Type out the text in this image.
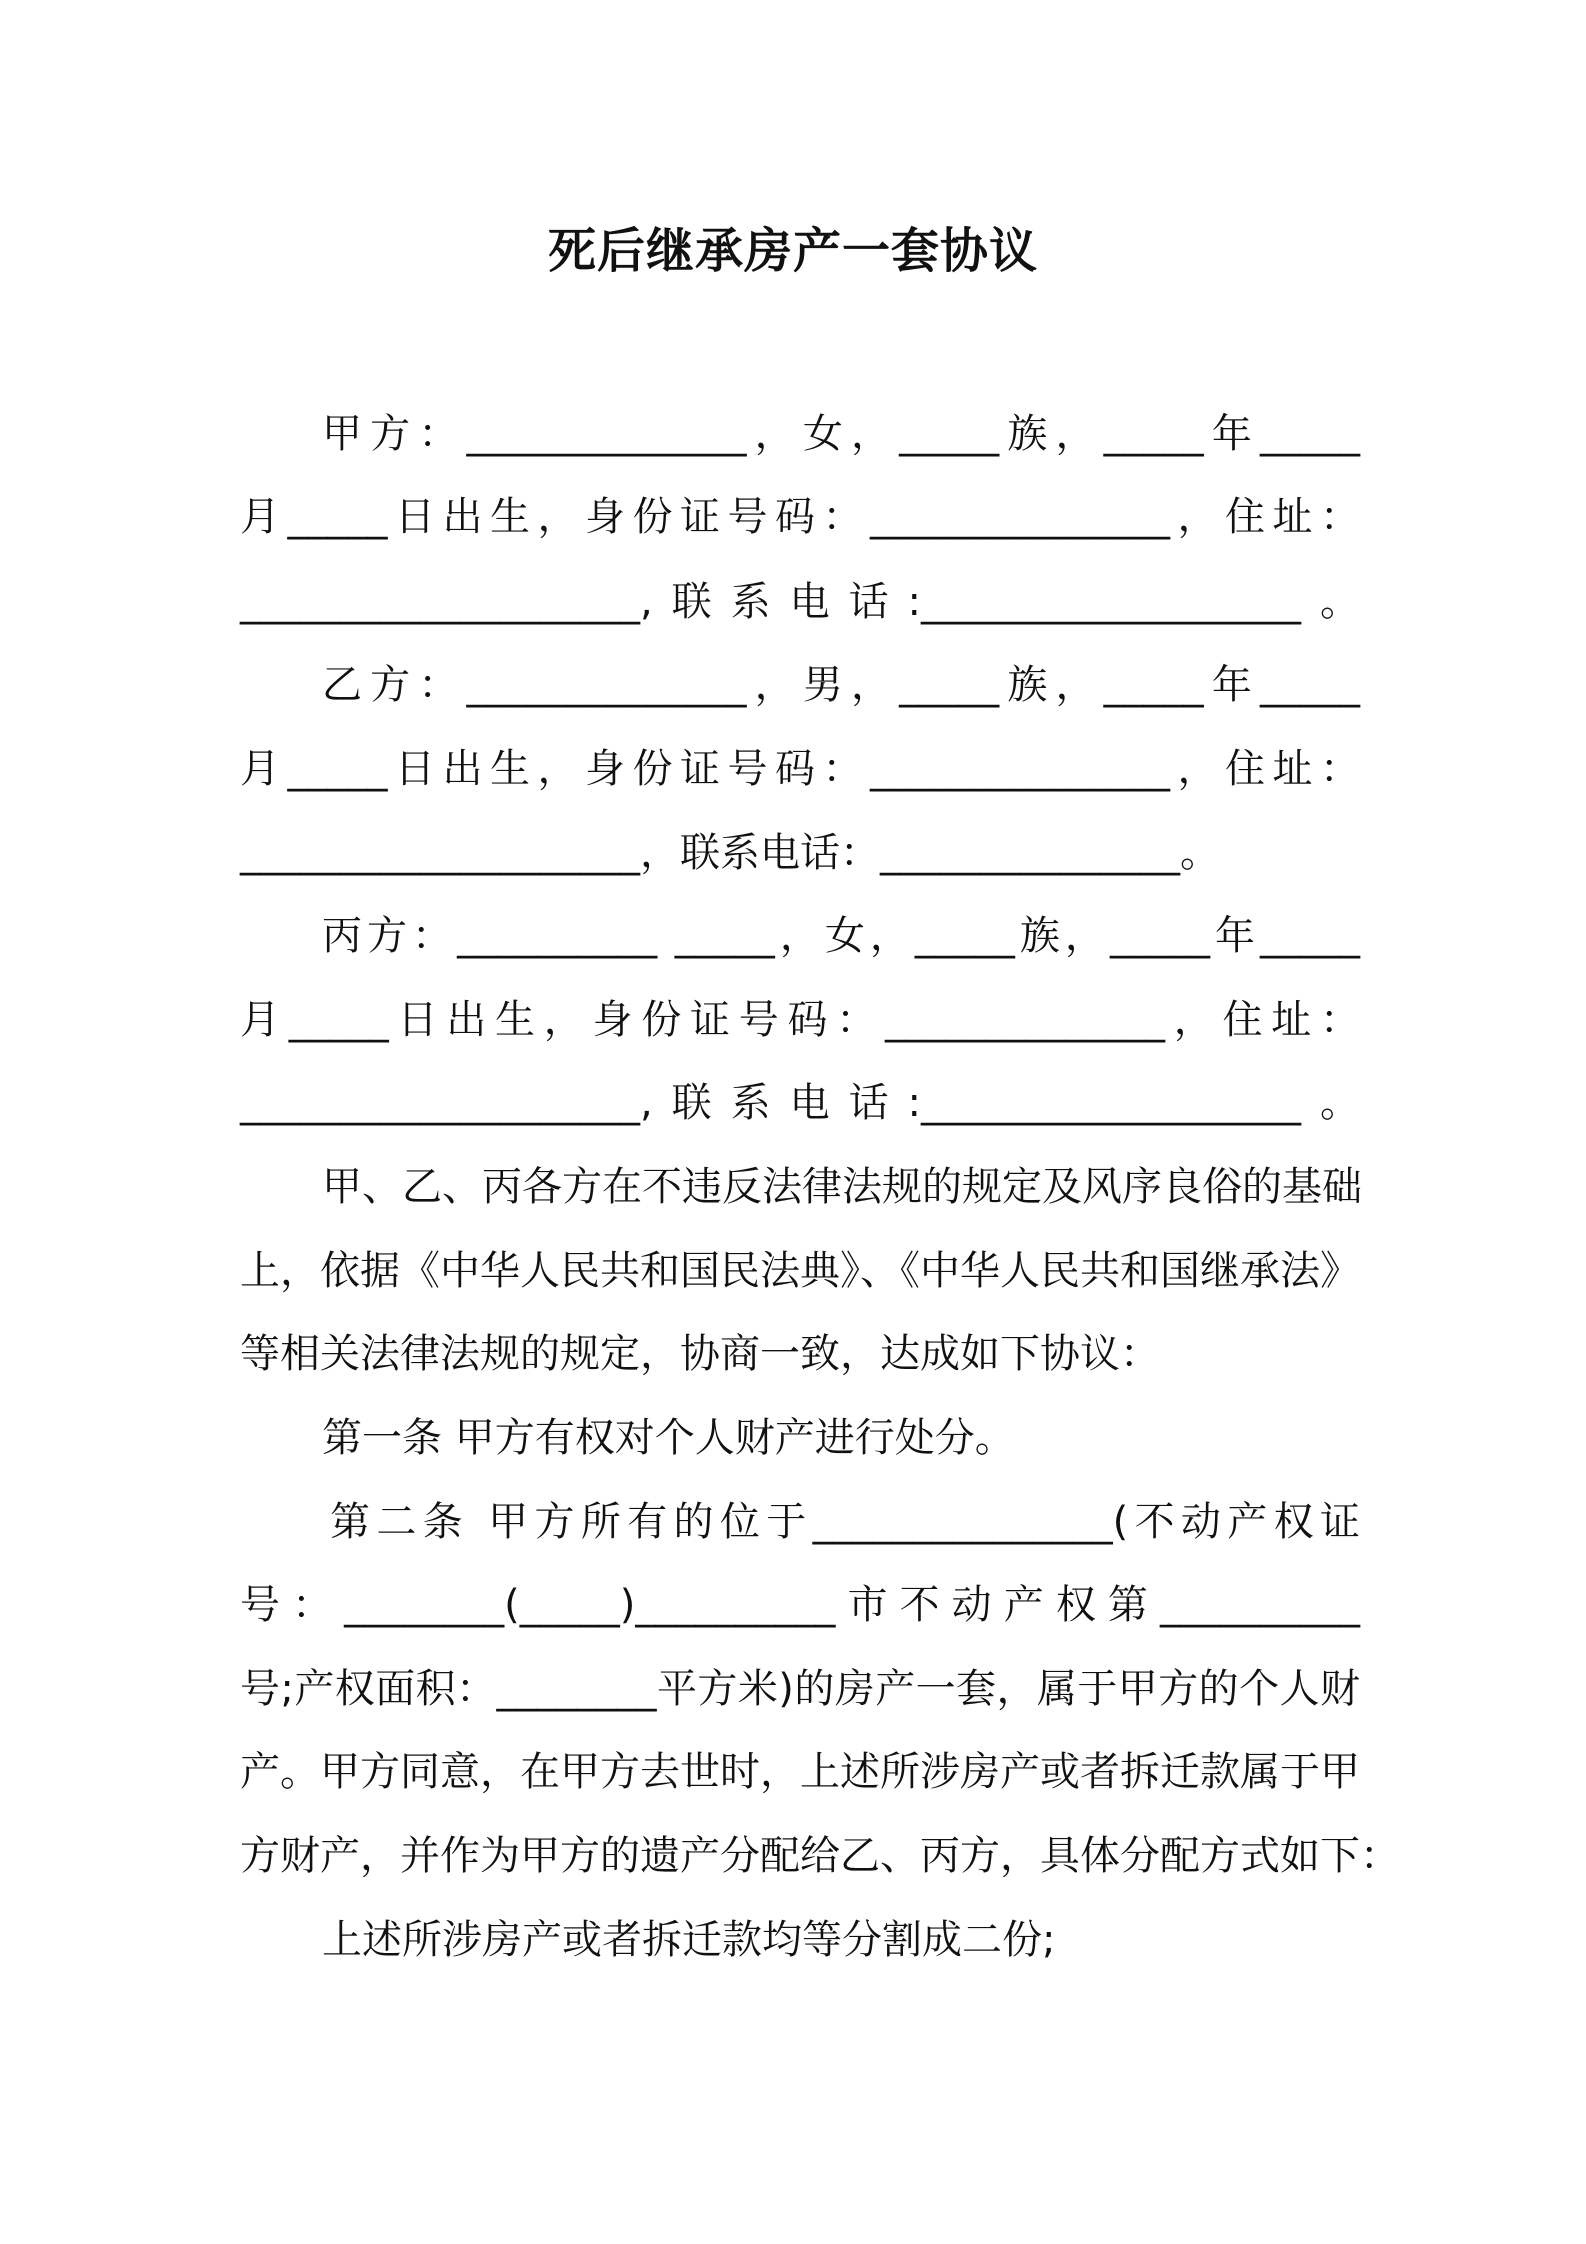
死后继承房产一套协议
甲方：______________，女，_____族，_____年_____
月_____日出生，身份证号码：_______________，住址：
____________________,联系电话:___________________。
乙方：______________，男，_____族，_____年_____
月_____日出生，身份证号码：_______________，住址：
____________________，联系电话：_______________。
丙方：__________ _____，女，_____族，_____年_____
月_____日出生，身份证号码：______________，住址：
____________________,联系电话:___________________。
甲、乙、丙各方在不违反法律法规的规定及风序良俗的基础
上，依据《中华人民共和国民法典》、《中华人民共和国继承法》
等相关法律法规的规定，协商一致，达成如下协议：
第一条 甲方有权对个人财产进行处分。
第二条 甲方所有的位于_______________(不动产权证
号：________(_____)__________市不动产权第__________
号;产权面积：________平方米)的房产一套，属于甲方的个人财
产。甲方同意，在甲方去世时，上述所涉房产或者拆迁款属于甲
方财产，并作为甲方的遗产分配给乙、丙方，具体分配方式如下：
上述所涉房产或者拆迁款均等分割成二份;
